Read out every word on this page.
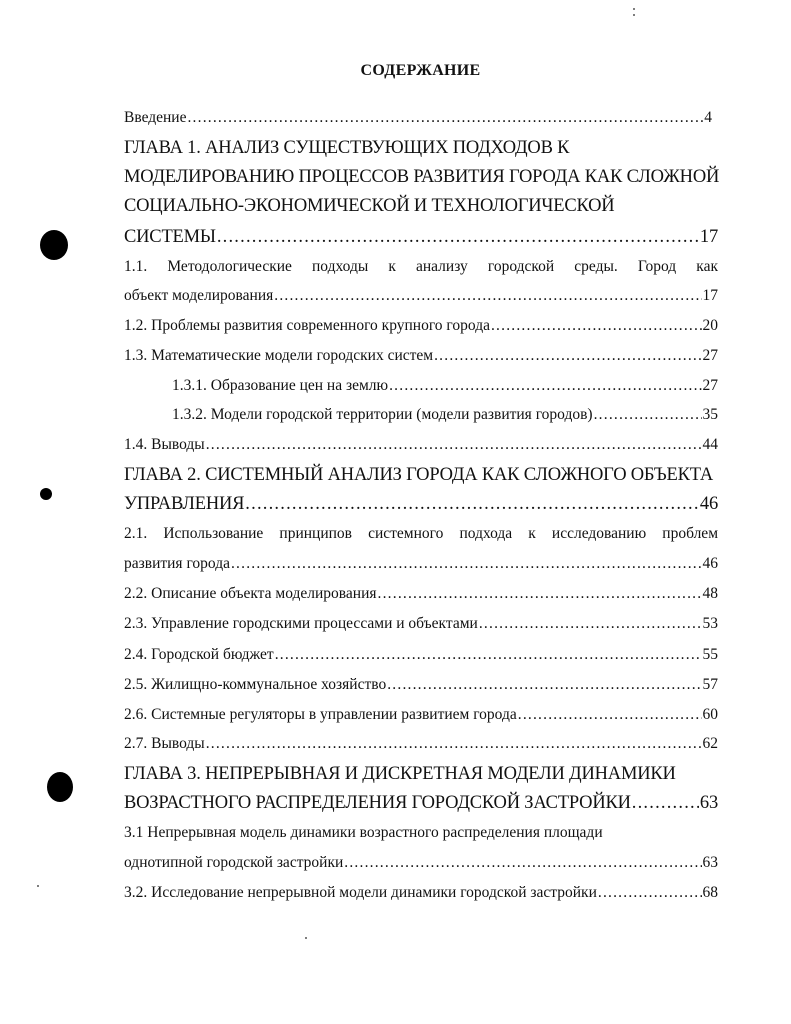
СОДЕРЖАНИЕ
Введение .....	4
ГЛАВА 1. АНАЛИЗ СУЩЕСТВУЮЩИХ ПОДХОДОВ К
МОДЕЛИРОВАНИЮ ПРОЦЕССОВ РАЗВИТИЯ ГОРОДА КАК СЛОЖНОЙ
СОЦИАЛЬНО-ЭКОНОМИЧЕСКОЙ И ТЕХНОЛОГИЧЕСКОЙ
СИСТЕМЫ .....	17
1.1. Методологические подходы к анализу городской среды. Город как
объект моделирования .....	17
1.2. Проблемы развития современного крупного города .....	20
1.3. Математические модели городских систем .....	27
1.3.1. Образование цен на землю .....	27
1.3.2. Модели городской территории (модели развития городов) .....	35
1.4. Выводы .....	44
ГЛАВА 2. СИСТЕМНЫЙ АНАЛИЗ ГОРОДА КАК СЛОЖНОГО ОБЪЕКТА
УПРАВЛЕНИЯ .....	46
2.1. Использование принципов системного подхода к исследованию проблем
развития города .....	46
2.2. Описание объекта моделирования .....	48
2.3. Управление городскими процессами и объектами .....	53
2.4. Городской бюджет .....	55
2.5. Жилищно-коммунальное хозяйство .....	57
2.6. Системные регуляторы в управлении развитием города .....	60
2.7. Выводы .....	62
ГЛАВА 3. НЕПРЕРЫВНАЯ И ДИСКРЕТНАЯ МОДЕЛИ ДИНАМИКИ
ВОЗРАСТНОГО РАСПРЕДЕЛЕНИЯ ГОРОДСКОЙ ЗАСТРОЙКИ .....	63
3.1 Непрерывная модель динамики возрастного распределения площади
однотипной городской застройки .....	63
3.2. Исследование непрерывной модели динамики городской застройки .....	68
